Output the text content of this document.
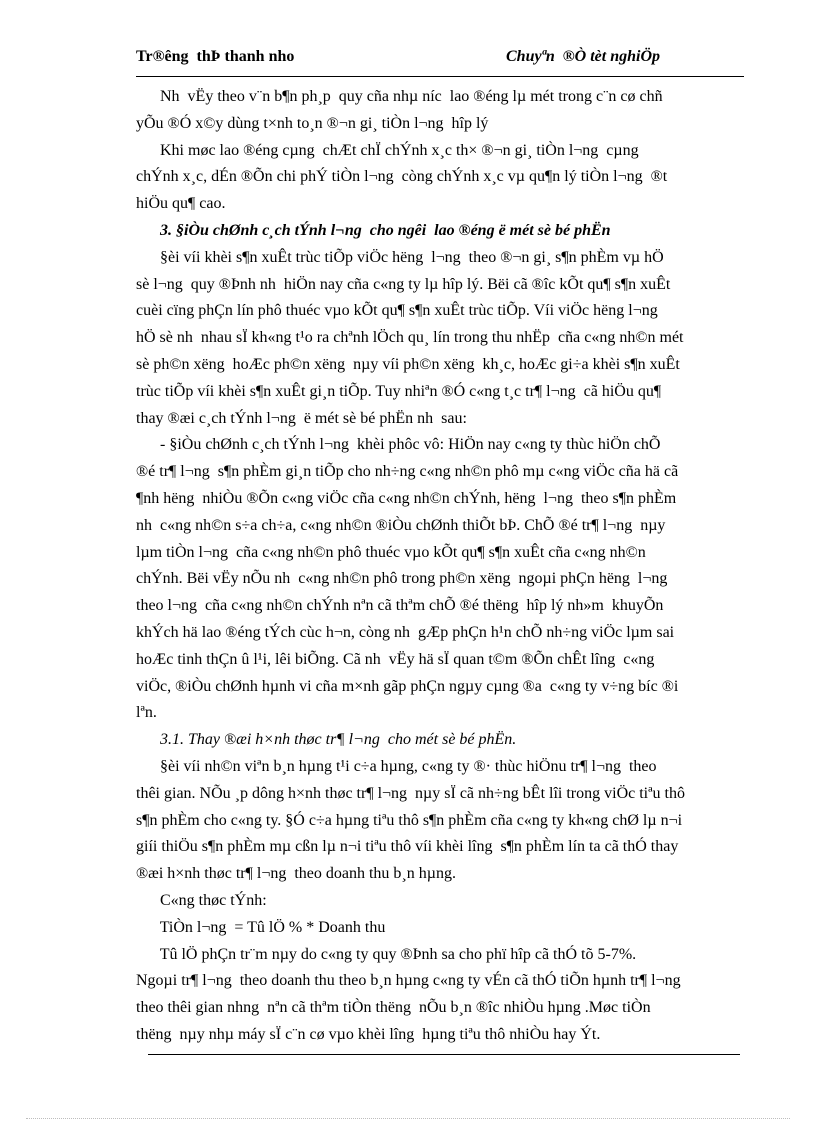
Tr®êng  thÞ thanh nho	Chuyªn  ®Ò tèt nghiÖp
Nh  vËy theo v¨n b¶n ph¸p  quy cña nhµ níc  lao ®éng lµ mét trong c¨n cø chñ
yÕu ®Ó x©y dùng t×nh to¸n ®¬n gi¸ tiÒn l¬ng  hîp lý
Khi møc lao ®éng cµng  chÆt chÏ chÝnh x¸c th× ®¬n gi¸ tiÒn l¬ng  cµng
chÝnh x¸c, dÉn ®Õn chi phÝ tiÒn l¬ng  còng chÝnh x¸c vµ qu¶n lý tiÒn l¬ng  ®t
hiÖu qu¶ cao.
3. §iÒu chØnh c¸ch tÝnh l¬ng  cho ngêi  lao ®éng ë mét sè bé phËn
§èi víi khèi s¶n xuÊt trùc tiÕp viÖc hëng  l¬ng  theo ®¬n gi¸ s¶n phÈm vµ hÖ
sè l¬ng  quy ®Þnh nh  hiÖn nay cña c«ng ty lµ hîp lý. Bëi cã ®îc kÕt qu¶ s¶n xuÊt
cuèi cïng phÇn lín phô thuéc vµo kÕt qu¶ s¶n xuÊt trùc tiÕp. Víi viÖc hëng l¬ng
hÖ sè nh  nhau sÏ kh«ng t¹o ra chªnh lÖch qu¸ lín trong thu nhËp  cña c«ng nh©n mét
sè ph©n xëng  hoÆc ph©n xëng  nµy víi ph©n xëng  kh¸c, hoÆc gi÷a khèi s¶n xuÊt
trùc tiÕp víi khèi s¶n xuÊt gi¸n tiÕp. Tuy nhiªn ®Ó c«ng t¸c tr¶ l¬ng  cã hiÖu qu¶
thay ®æi c¸ch tÝnh l¬ng  ë mét sè bé phËn nh  sau:
- §iÒu chØnh c¸ch tÝnh l¬ng  khèi phôc vô: HiÖn nay c«ng ty thùc hiÖn chÕ
®é tr¶ l¬ng  s¶n phÈm gi¸n tiÕp cho nh÷ng c«ng nh©n phô mµ c«ng viÖc cña hä cã
¶nh hëng  nhiÒu ®Õn c«ng viÖc cña c«ng nh©n chÝnh, hëng  l¬ng  theo s¶n phÈm
nh  c«ng nh©n s÷a ch÷a, c«ng nh©n ®iÒu chØnh thiÕt bÞ. ChÕ ®é tr¶ l¬ng  nµy
lµm tiÒn l¬ng  cña c«ng nh©n phô thuéc vµo kÕt qu¶ s¶n xuÊt cña c«ng nh©n
chÝnh. Bëi vËy nÕu nh  c«ng nh©n phô trong ph©n xëng  ngoµi phÇn hëng  l¬ng
theo l¬ng  cña c«ng nh©n chÝnh nªn cã thªm chÕ ®é thëng  hîp lý nh»m  khuyÕn
khÝch hä lao ®éng tÝch cùc h¬n, còng nh  gÆp phÇn h¹n chÕ nh÷ng viÖc lµm sai
hoÆc tinh thÇn û l¹i, lêi biÕng. Cã nh  vËy hä sÏ quan t©m ®Õn chÊt lîng  c«ng
viÖc, ®iÒu chØnh hµnh vi cña m×nh gãp phÇn ngµy cµng ®a  c«ng ty v÷ng bíc ®i
lªn.
3.1. Thay ®æi h×nh thøc tr¶ l¬ng  cho mét sè bé phËn.
§èi víi nh©n viªn b¸n hµng t¹i c÷a hµng, c«ng ty ®· thùc hiÖnu tr¶ l¬ng  theo
thêi gian. NÕu ¸p dông h×nh thøc tr¶ l¬ng  nµy sÏ cã nh÷ng bÊt lîi trong viÖc tiªu thô
s¶n phÈm cho c«ng ty. §Ó c÷a hµng tiªu thô s¶n phÈm cña c«ng ty kh«ng chØ lµ n¬i
giíi thiÖu s¶n phÈm mµ cßn lµ n¬i tiªu thô víi khèi lîng  s¶n phÈm lín ta cã thÓ thay
®æi h×nh thøc tr¶ l¬ng  theo doanh thu b¸n hµng.
C«ng thøc tÝnh:
TiÒn l¬ng  = Tû lÖ % * Doanh thu
Tû lÖ phÇn tr¨m nµy do c«ng ty quy ®Þnh sa cho phï hîp cã thÓ tõ 5-7%.
Ngoµi tr¶ l¬ng  theo doanh thu theo b¸n hµng c«ng ty vÉn cã thÓ tiÕn hµnh tr¶ l¬ng
theo thêi gian nhng  nªn cã thªm tiÒn thëng  nÕu b¸n ®îc nhiÒu hµng .Møc tiÒn
thëng  nµy nhµ máy sÏ c¨n cø vµo khèi lîng  hµng tiªu thô nhiÒu hay Ýt.
